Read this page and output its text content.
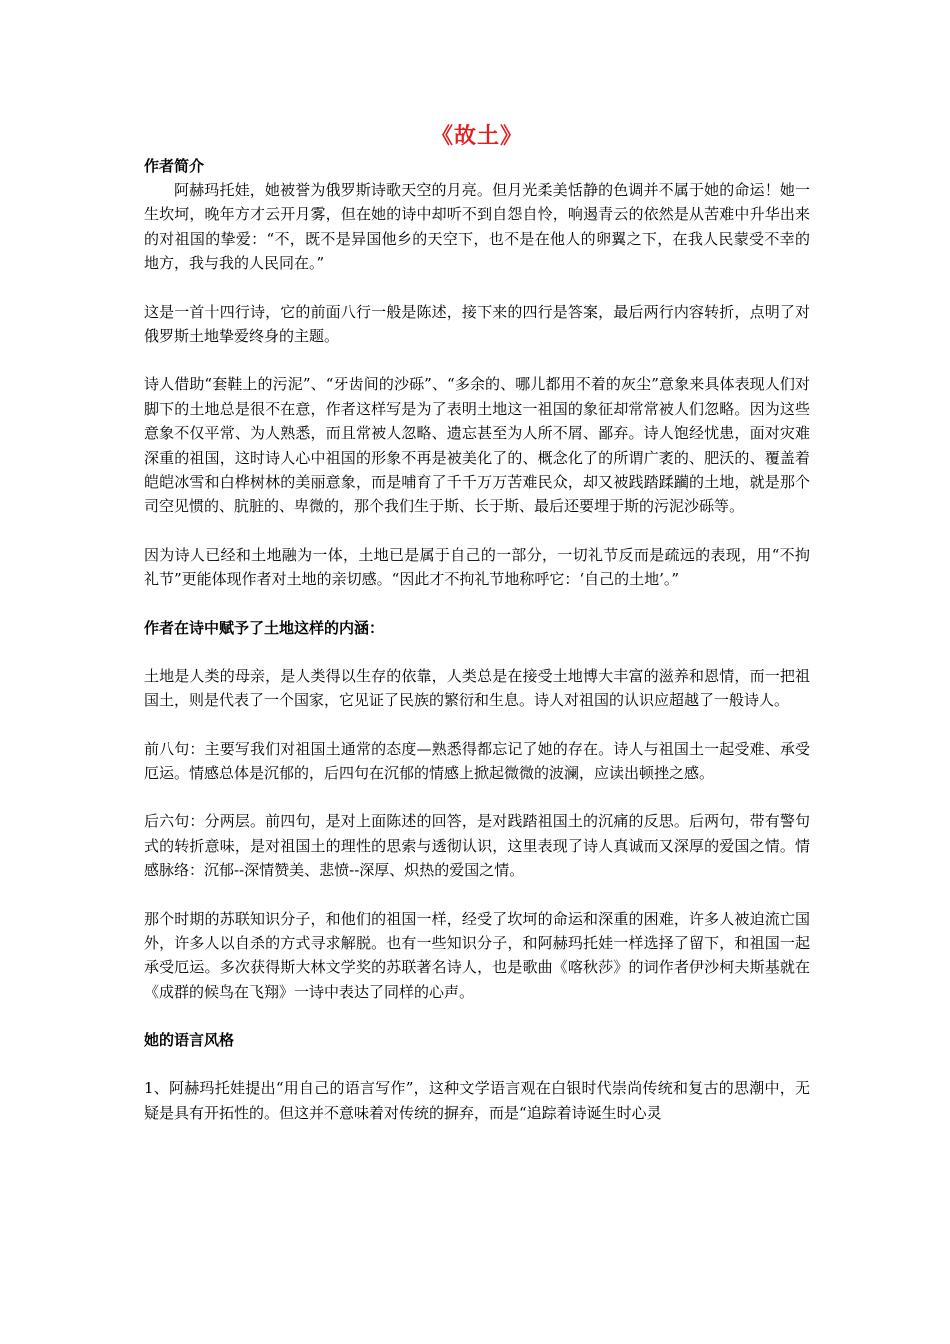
《故土》
作者简介

阿赫玛托娃，她被誉为俄罗斯诗歌天空的月亮。但月光柔美恬静的色调并不属于她的命运！她一生坎坷，晚年方才云开月雾，但在她的诗中却听不到自怨自怜，响遏青云的依然是从苦难中升华出来的对祖国的挚爱：“不，既不是异国他乡的天空下，也不是在他人的卵翼之下，在我人民蒙受不幸的地方，我与我的人民同在。”

这是一首十四行诗，它的前面八行一般是陈述，接下来的四行是答案，最后两行内容转折，点明了对俄罗斯土地挚爱终身的主题。

诗人借助“套鞋上的污泥”、“牙齿间的沙砾”、“多余的、哪儿都用不着的灰尘”意象来具体表现人们对脚下的土地总是很不在意，作者这样写是为了表明土地这一祖国的象征却常常被人们忽略。因为这些意象不仅平常、为人熟悉，而且常被人忽略、遗忘甚至为人所不屑、鄙弃。诗人饱经忧患，面对灾难深重的祖国，这时诗人心中祖国的形象不再是被美化了的、概念化了的所谓广袤的、肥沃的、覆盖着皑皑冰雪和白桦树林的美丽意象，而是哺育了千千万万苦难民众，却又被践踏蹂躏的土地，就是那个司空见惯的、肮脏的、卑微的，那个我们生于斯、长于斯、最后还要埋于斯的污泥沙砾等。

因为诗人已经和土地融为一体，土地已是属于自己的一部分，一切礼节反而是疏远的表现，用“不拘礼节”更能体现作者对土地的亲切感。“因此才不拘礼节地称呼它：‘自己的土地’。”

作者在诗中赋予了土地这样的内涵：

土地是人类的母亲，是人类得以生存的依靠，人类总是在接受土地博大丰富的滋养和恩情，而一把祖国土，则是代表了一个国家，它见证了民族的繁衍和生息。诗人对祖国的认识应超越了一般诗人。

前八句：主要写我们对祖国土通常的态度—熟悉得都忘记了她的存在。诗人与祖国土一起受难、承受厄运。情感总体是沉郁的，后四句在沉郁的情感上掀起微微的波澜，应读出顿挫之感。

后六句：分两层。前四句，是对上面陈述的回答，是对践踏祖国土的沉痛的反思。后两句，带有警句式的转折意味，是对祖国土的理性的思索与透彻认识，这里表现了诗人真诚而又深厚的爱国之情。情感脉络：沉郁--深情赞美、悲愤--深厚、炽热的爱国之情。

那个时期的苏联知识分子，和他们的祖国一样，经受了坎坷的命运和深重的困难，许多人被迫流亡国外，许多人以自杀的方式寻求解脱。也有一些知识分子，和阿赫玛托娃一样选择了留下，和祖国一起承受厄运。多次获得斯大林文学奖的苏联著名诗人，也是歌曲《喀秋莎》的词作者伊沙柯夫斯基就在《成群的候鸟在飞翔》一诗中表达了同样的心声。

她的语言风格

1、阿赫玛托娃提出“用自己的语言写作”，这种文学语言观在白银时代崇尚传统和复古的思潮中，无疑是具有开拓性的。但这并不意味着对传统的摒弃，而是“追踪着诗诞生时心灵
